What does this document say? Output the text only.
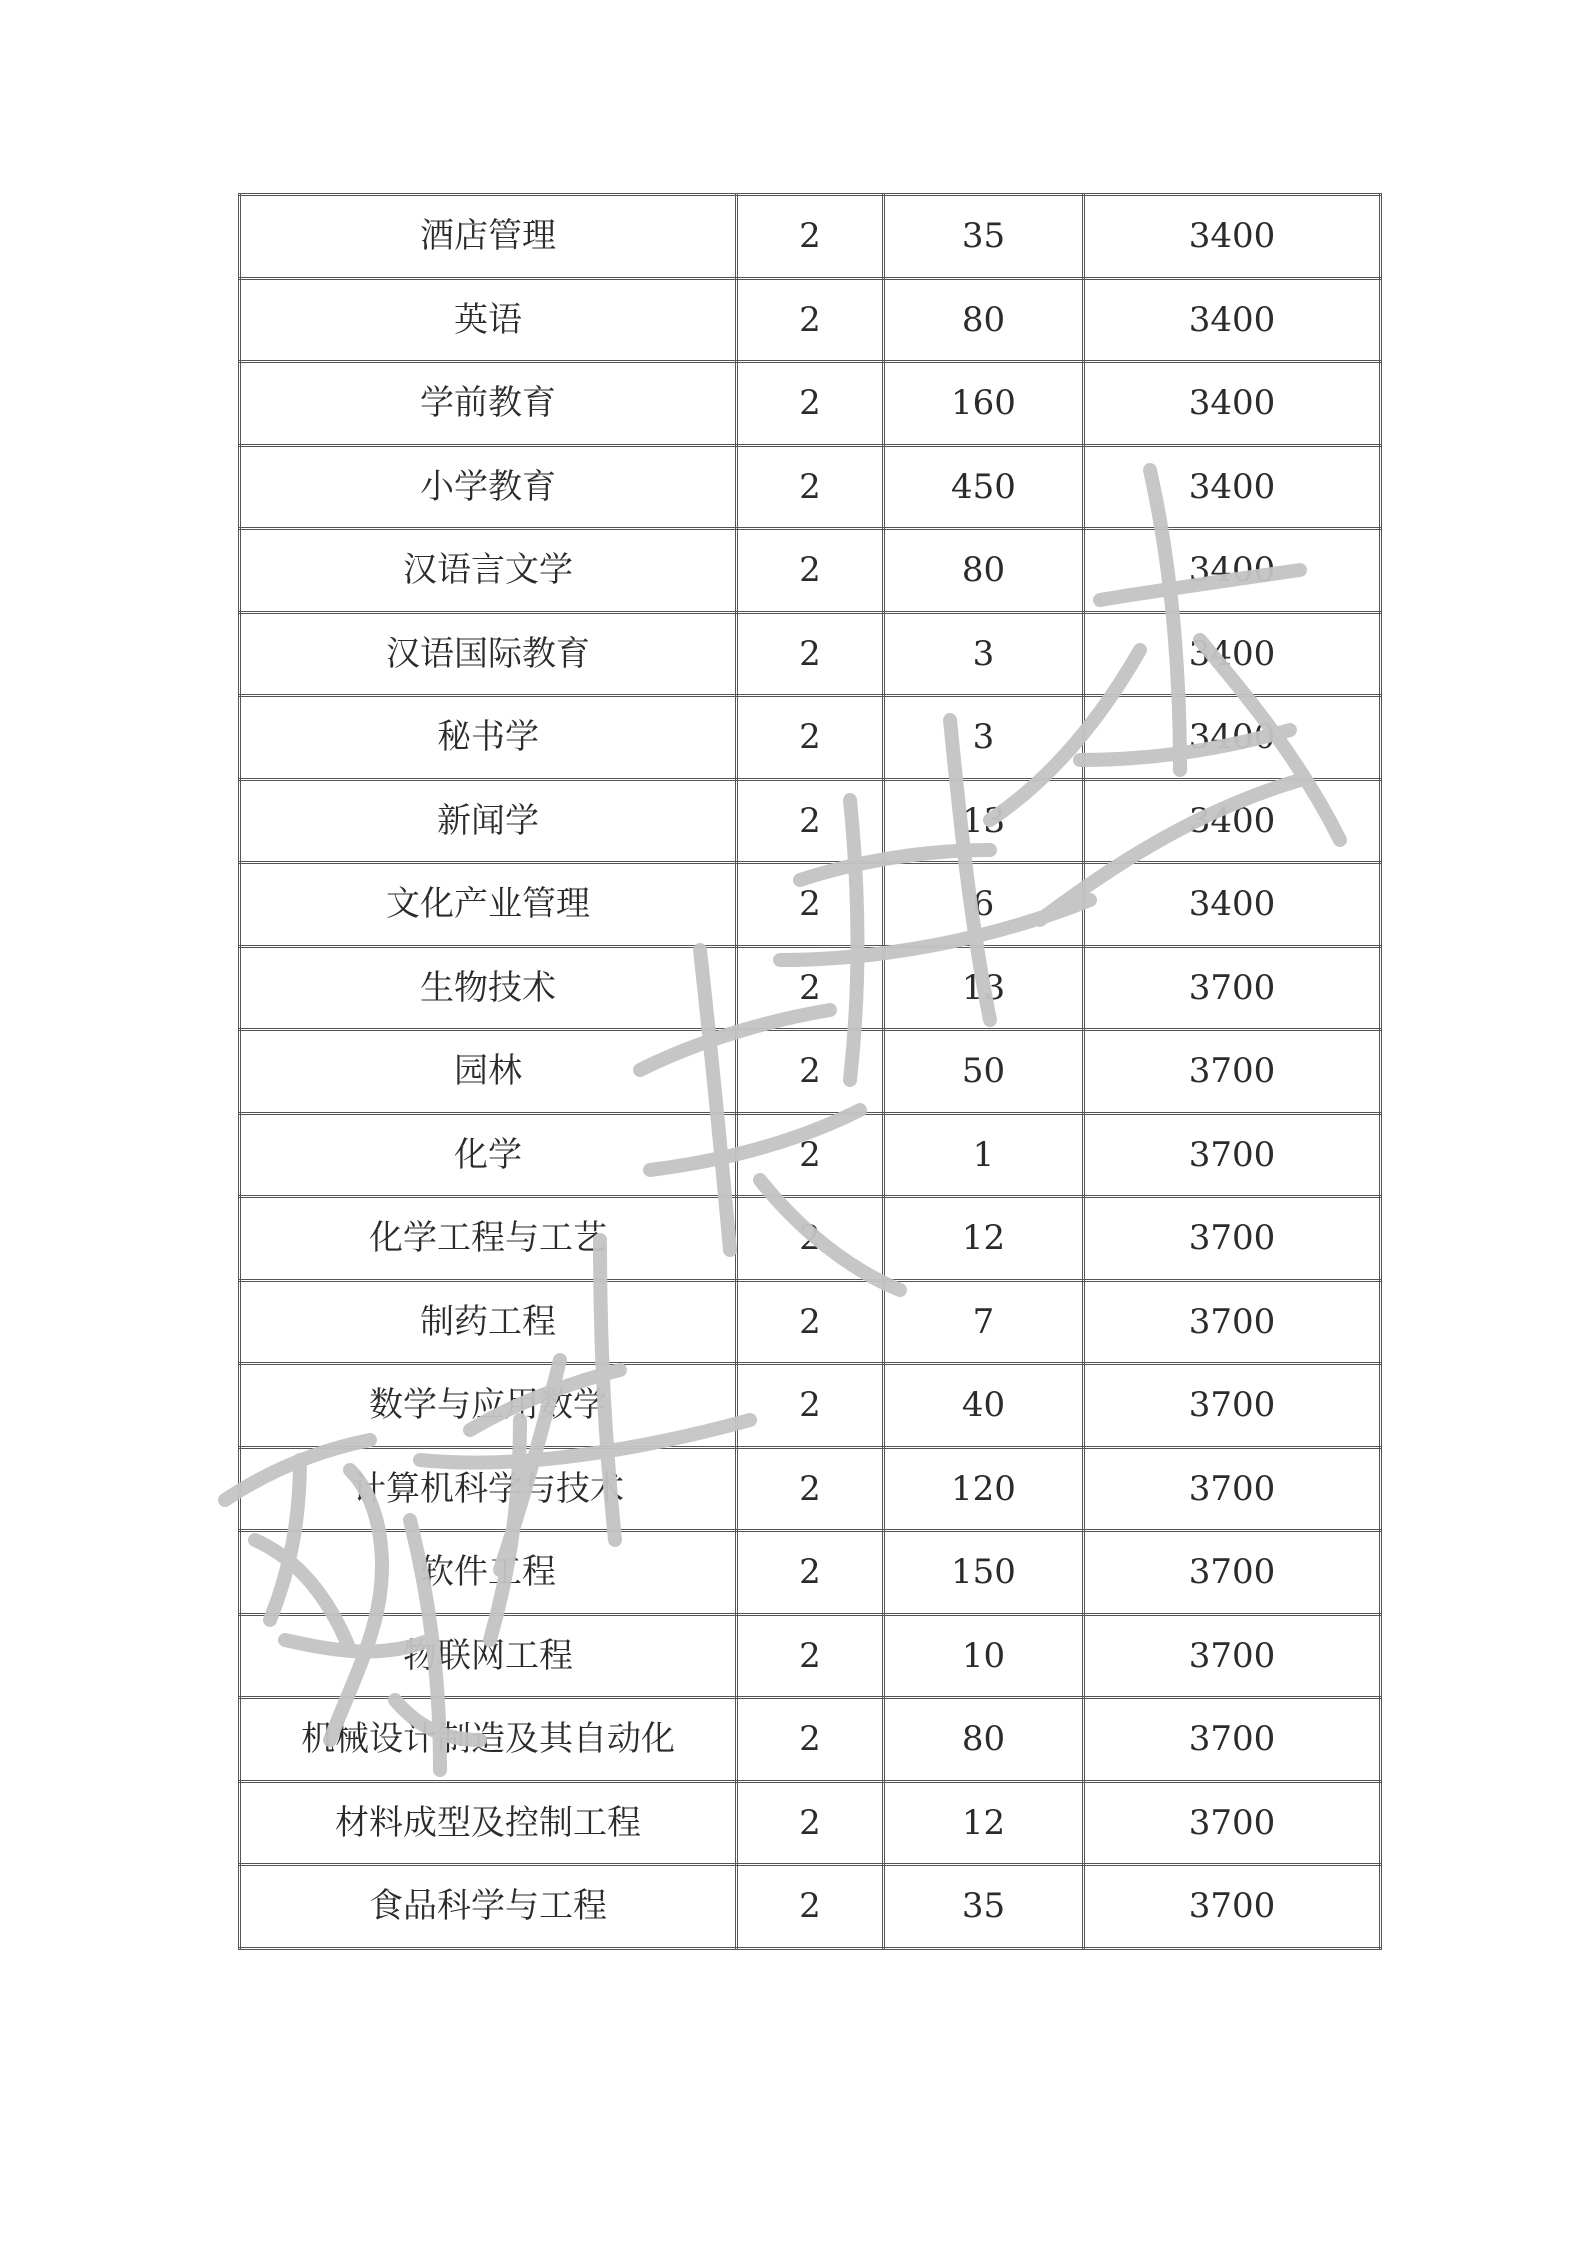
酒店管理	2	35	3400
英语	2	80	3400
学前教育	2	160	3400
小学教育	2	450	3400
汉语言文学	2	80	3400
汉语国际教育	2	3	3400
秘书学	2	3	3400
新闻学	2	13	3400
文化产业管理	2	6	3400
生物技术	2	13	3700
园林	2	50	3700
化学	2	1	3700
化学工程与工艺	2	12	3700
制药工程	2	7	3700
数学与应用数学	2	40	3700
计算机科学与技术	2	120	3700
软件工程	2	150	3700
物联网工程	2	10	3700
机械设计制造及其自动化	2	80	3700
材料成型及控制工程	2	12	3700
食品科学与工程	2	35	3700
